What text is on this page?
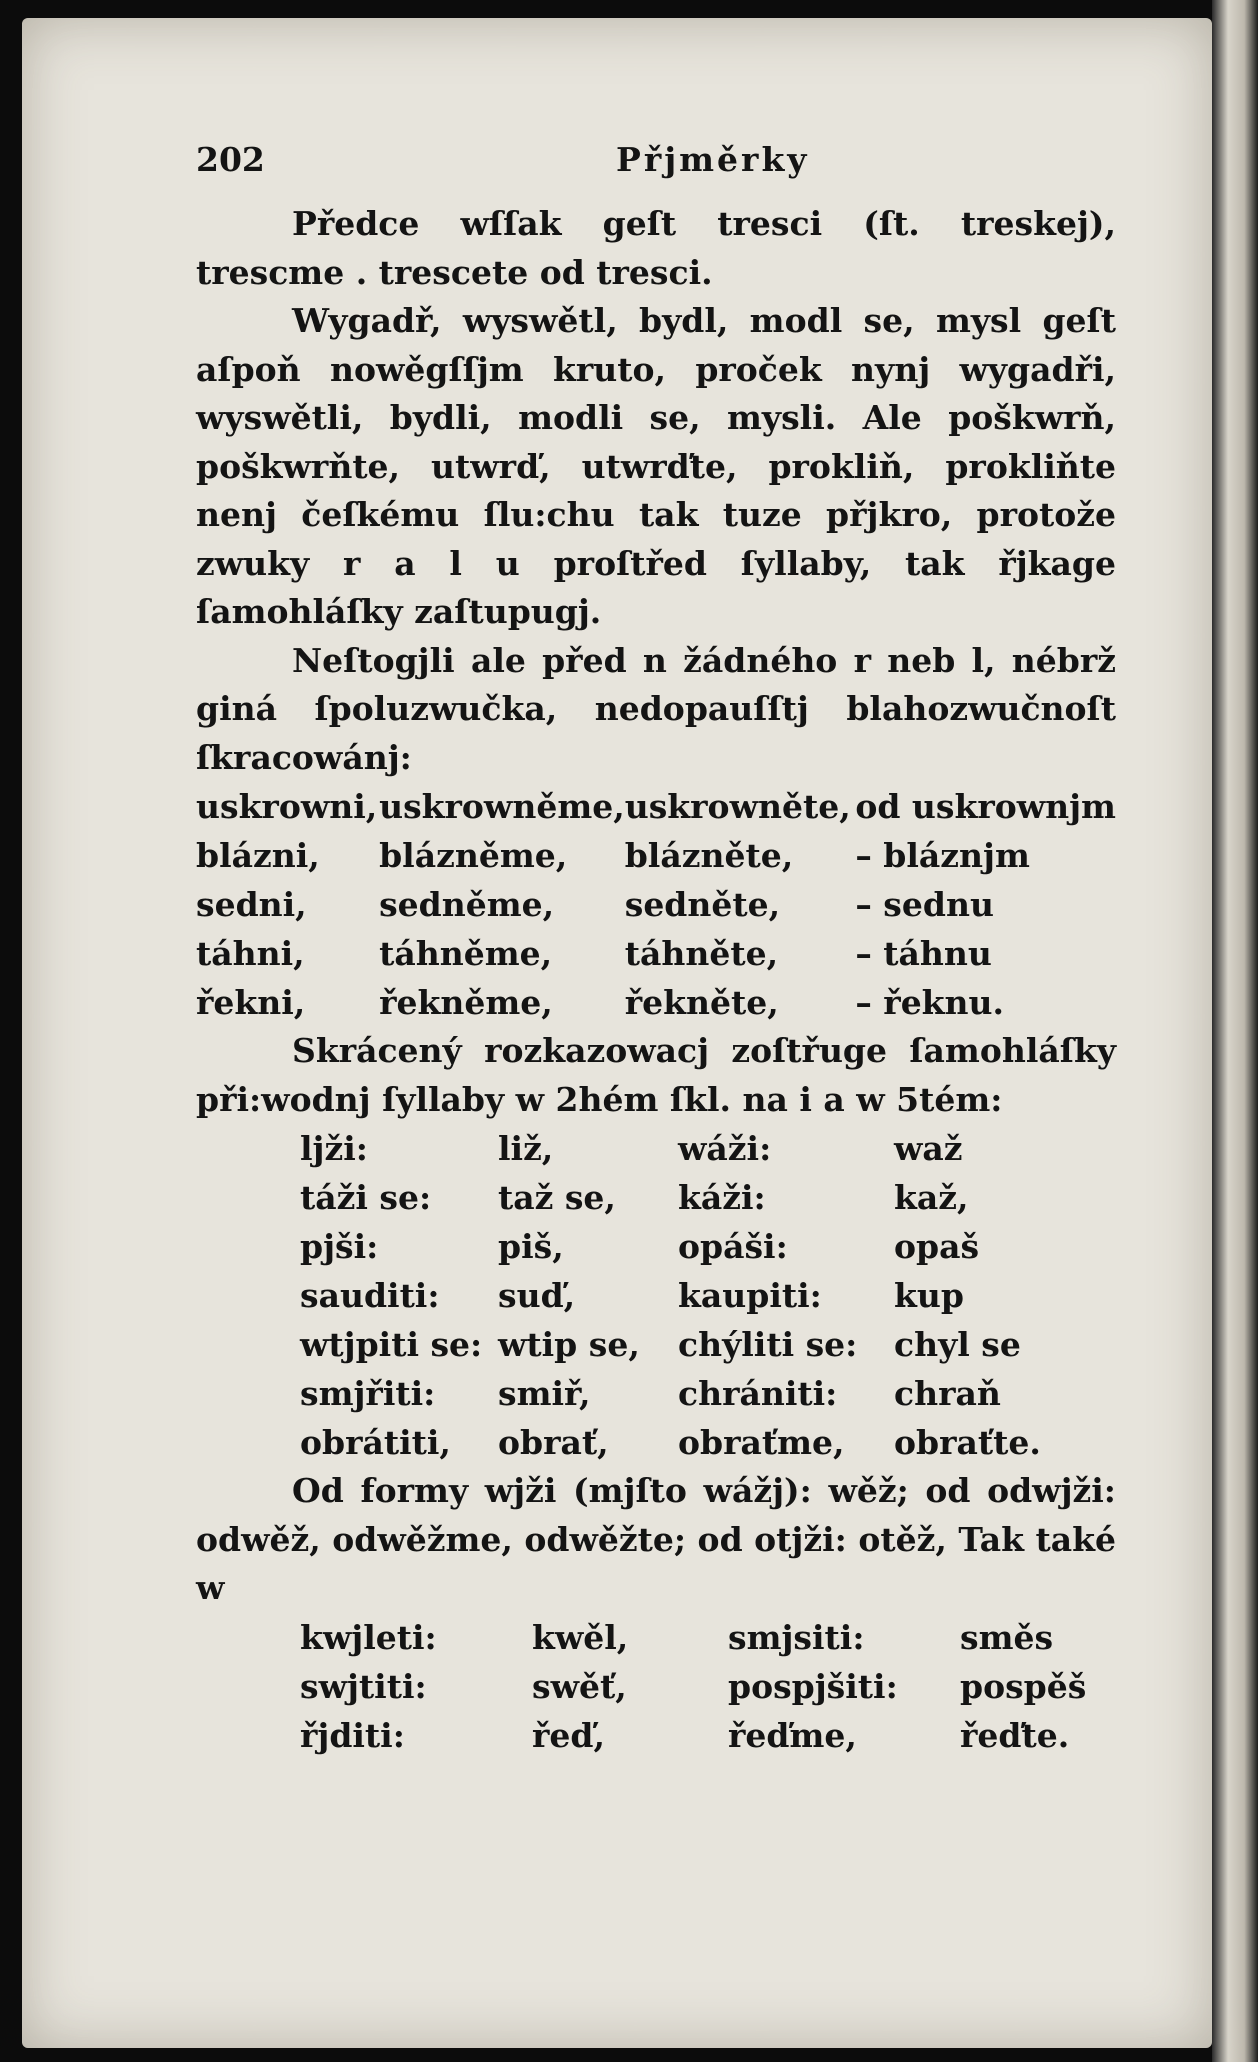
202	Přjměrky

Předce wſſak geſt tresci (ſt. treskej), trescme . trescete od tresci.

Wygadř, wyswětl, bydl, modl se, mysl geſt aſpoň nowěgſſjm kruto, proček nynj wygadři, wyswětli, bydli, modli se, mysli. Ale poškwrň, poškwrňte, utwrď, utwrďte, prokliň, prokliňte nenj čeſkému ſlu:chu tak tuze přjkro, protože zwuky r a l u proſtřed ſyllaby, tak řjkage ſamohláſky zaſtupugj.

Neſtogjli ale před n žádného r neb l, nébrž giná ſpoluzwučka, nedopauſſtj blahozwučnoſt ſkracowánj:

uskrowni,	uskrowněme,	uskrowněte,	od uskrownjm
blázni,	blázněme,	blázněte,	– bláznjm
sedni,	sedněme,	sedněte,	– sednu
táhni,	táhněme,	táhněte,	– táhnu
řekni,	řekněme,	řekněte,	– řeknu.

Skrácený rozkazowacj zoſtřuge ſamohláſky při:wodnj ſyllaby w 2hém ſkl. na i a w 5tém:

ljži:	liž,	wáži:	waž
táži se:	taž se,	káži:	kaž,
pjši:	piš,	opáši:	opaš
sauditi:	suď,	kaupiti:	kup
wtjpiti se:	wtip se,	chýliti se:	chyl se
smjřiti:	smiř,	chrániti:	chraň
obrátiti,	obrať,	obraťme,	obraťte.

Od formy wjži (mjſto wážj): wěž; od odwjži: odwěž, odwěžme, odwěžte; od otjži: otěž, Tak také w

kwjleti:	kwěl,	smjsiti:	směs
swjtiti:	swěť,	pospjšiti:	pospěš
řjditi:	řeď,	řeďme,	řeďte.
